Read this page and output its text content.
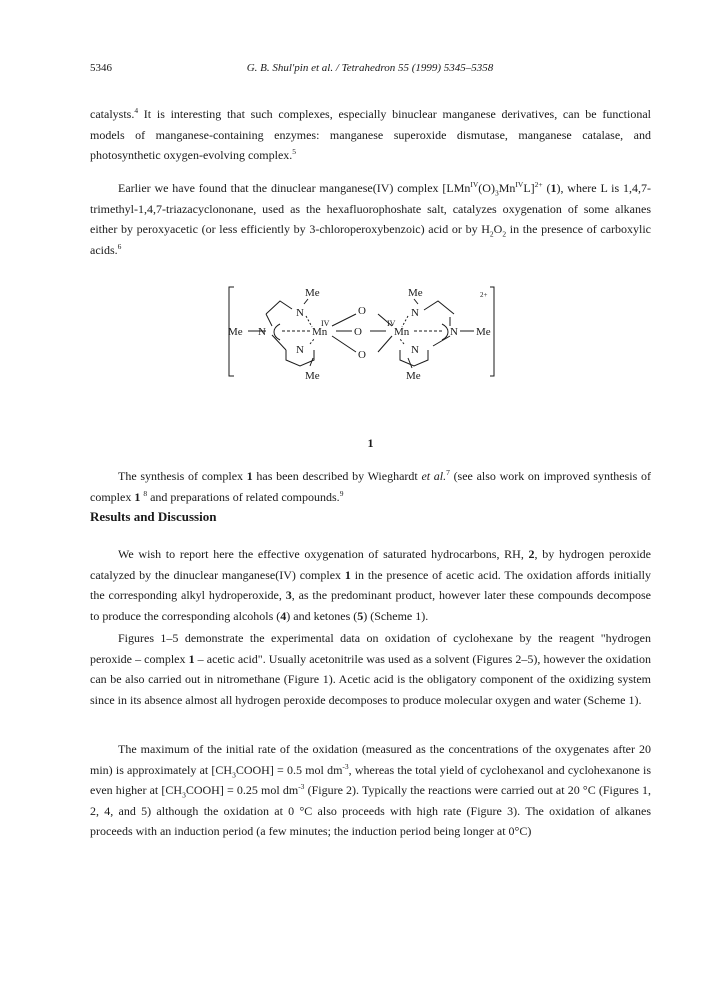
5346	G. B. Shul'pin et al. / Tetrahedron 55 (1999) 5345–5358

catalysts.$^4$ It is interesting that such complexes, especially binuclear manganese derivatives, can be functional models of manganese-containing enzymes: manganese superoxide dismutase, manganese catalase, and photosynthetic oxygen-evolving complex.$^5$

Earlier we have found that the dinuclear manganese(IV) complex $[LMn^{IV}(O)_3Mn^{IV}L]^{2+}$ (1), where L is 1,4,7-trimethyl-1,4,7-triazacyclononane, used as the hexafluorophoshate salt, catalyzes oxygenation of some alkanes either by peroxyacetic (or less efficiently by 3-chloroperoxybenzoic) acid or by $H_2O_2$ in the presence of carboxylic acids.$^6$

Me	Me
N	N
O
IV	IV
Me N	Mn O	Mn	N Me
N	N
O
Me	Me
2+
1

The synthesis of complex 1 has been described by Wieghardt et al.$^7$ (see also work on improved synthesis of complex 1 $^8$ and preparations of related compounds.$^9$

Results and Discussion

We wish to report here the effective oxygenation of saturated hydrocarbons, RH, 2, by hydrogen peroxide catalyzed by the dinuclear manganese(IV) complex 1 in the presence of acetic acid. The oxidation affords initially the corresponding alkyl hydroperoxide, 3, as the predominant product, however later these compounds decompose to produce the corresponding alcohols (4) and ketones (5) (Scheme 1).

Figures 1–5 demonstrate the experimental data on oxidation of cyclohexane by the reagent "hydrogen peroxide – complex 1 – acetic acid". Usually acetonitrile was used as a solvent (Figures 2–5), however the oxidation can be also carried out in nitromethane (Figure 1). Acetic acid is the obligatory component of the oxidizing system since in its absence almost all hydrogen peroxide decomposes to produce molecular oxygen and water (Scheme 1).

The maximum of the initial rate of the oxidation (measured as the concentrations of the oxygenates after 20 min) is approximately at $[CH_3COOH] = 0.5$ mol $dm^{-3}$, whereas the total yield of cyclohexanol and cyclohexanone is even higher at $[CH_3COOH] = 0.25$ mol $dm^{-3}$ (Figure 2). Typically the reactions were carried out at 20 °C (Figures 1, 2, 4, and 5) although the oxidation at 0 °C also proceeds with high rate (Figure 3). The oxidation of alkanes proceeds with an induction period (a few minutes; the induction period being longer at 0°C)
